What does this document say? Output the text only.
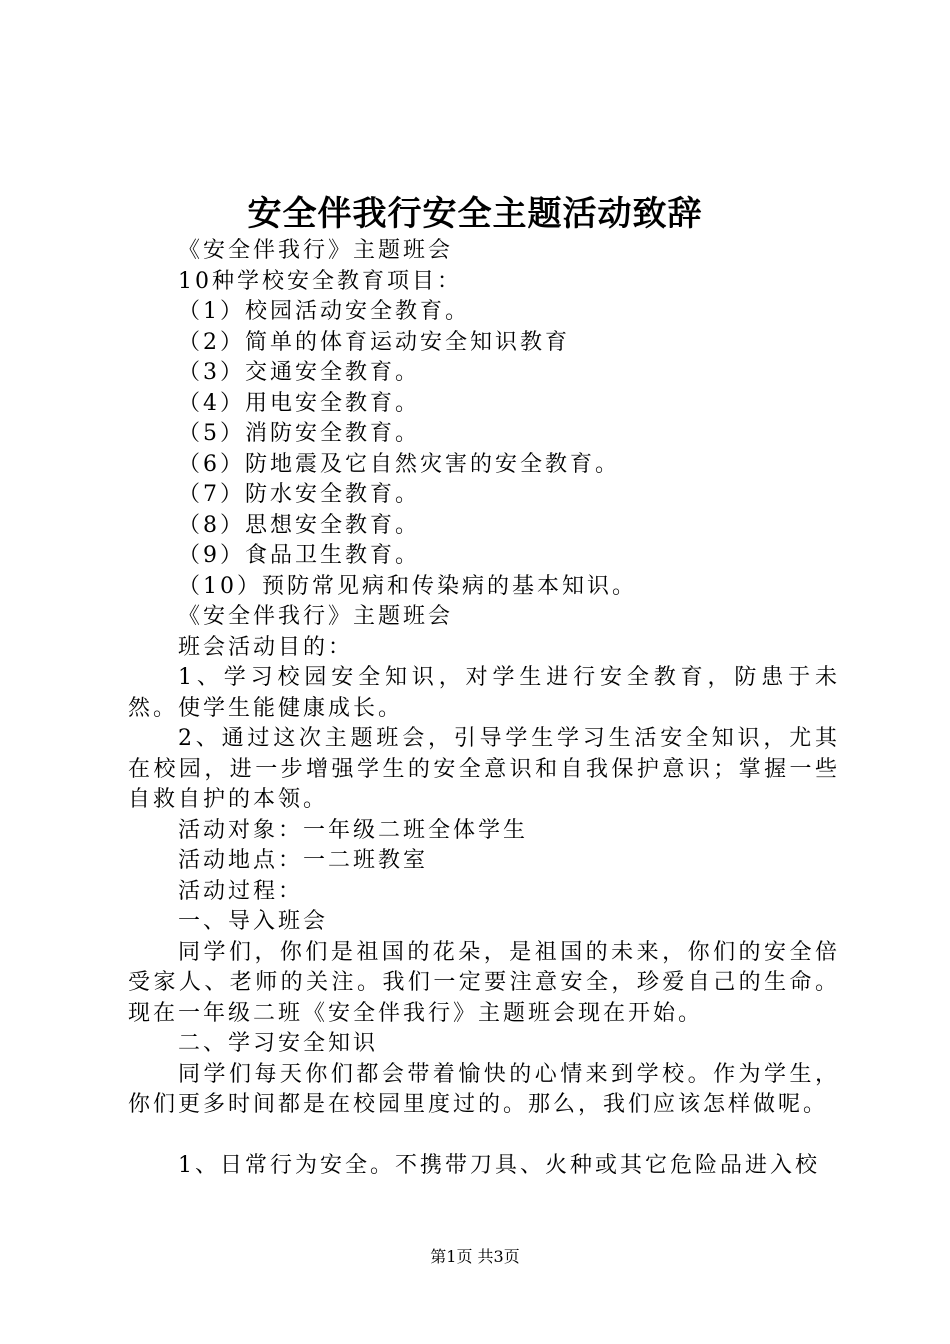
安全伴我行安全主题活动致辞

《安全伴我行》主题班会

10种学校安全教育项目：

（1）校园活动安全教育。

（2）简单的体育运动安全知识教育

（3）交通安全教育。

（4）用电安全教育。

（5）消防安全教育。

（6）防地震及它自然灾害的安全教育。

（7）防水安全教育。

（8）思想安全教育。

（9）食品卫生教育。

（10）预防常见病和传染病的基本知识。

《安全伴我行》主题班会

班会活动目的：

1、学习校园安全知识，对学生进行安全教育，防患于未然。使学生能健康成长。

2、通过这次主题班会，引导学生学习生活安全知识，尤其在校园，进一步增强学生的安全意识和自我保护意识；掌握一些自救自护的本领。

活动对象：一年级二班全体学生

活动地点：一二班教室

活动过程：

一、导入班会

同学们，你们是祖国的花朵，是祖国的未来，你们的安全倍受家人、老师的关注。我们一定要注意安全，珍爱自己的生命。现在一年级二班《安全伴我行》主题班会现在开始。

二、学习安全知识

同学们每天你们都会带着愉快的心情来到学校。作为学生，你们更多时间都是在校园里度过的。那么，我们应该怎样做呢。

1、日常行为安全。不携带刀具、火种或其它危险品进入校

第1页 共3页
